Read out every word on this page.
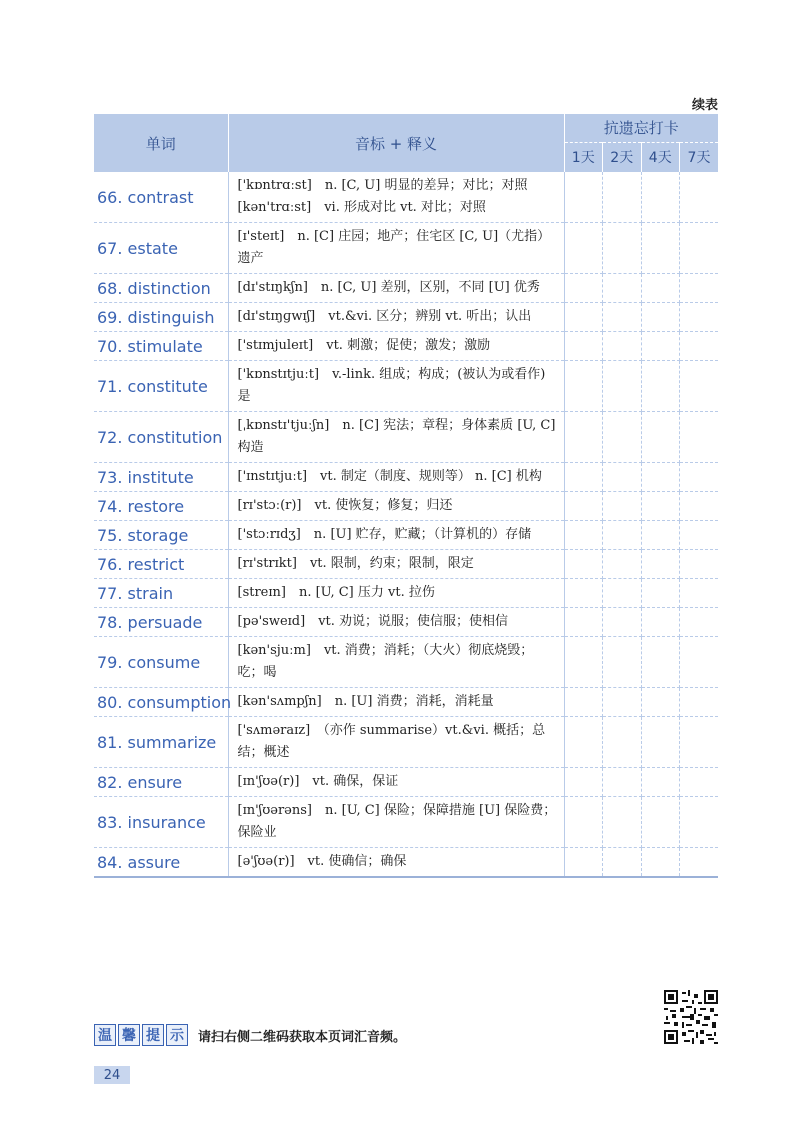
续表
单词	音标 + 释义	抗遗忘打卡			
		1天	2天	4天	7天
66. contrast	['kɒntrɑːst]　n. [C, U] 明显的差异；对比；对照 [kən'trɑːst]　vi. 形成对比 vt. 对比；对照				
67. estate	[ɪ'steɪt]　n. [C] 庄园；地产；住宅区 [C, U]（尤指）遗产				
68. distinction	[dɪ'stɪŋkʃn]　n. [C, U] 差别，区别，不同 [U] 优秀				
69. distinguish	[dɪ'stɪŋɡwɪʃ]　vt.&vi. 区分；辨别 vt. 听出；认出				
70. stimulate	['stɪmjuleɪt]　vt. 刺激；促使；激发；激励				
71. constitute	['kɒnstɪtjuːt]　v.-link. 组成；构成；(被认为或看作) 是				
72. constitution	[ˌkɒnstɪ'tjuːʃn]　n. [C] 宪法；章程；身体素质 [U, C] 构造				
73. institute	['ɪnstɪtjuːt]　vt. 制定（制度、规则等） n. [C] 机构				
74. restore	[rɪ'stɔː(r)]　vt. 使恢复；修复；归还				
75. storage	['stɔːrɪdʒ]　n. [U] 贮存，贮藏；（计算机的）存储				
76. restrict	[rɪ'strɪkt]　vt. 限制，约束；限制，限定				
77. strain	[streɪn]　n. [U, C] 压力 vt. 拉伤				
78. persuade	[pə'sweɪd]　vt. 劝说；说服；使信服；使相信				
79. consume	[kən'sjuːm]　vt. 消费；消耗；（大火）彻底烧毁；吃；喝				
80. consumption	[kən'sʌmpʃn]　n. [U] 消费；消耗，消耗量				
81. summarize	['sʌməraɪz]　（亦作 summarise）vt.&vi. 概括；总结；概述				
82. ensure	[ɪn'ʃʊə(r)]　vt. 确保，保证				
83. insurance	[ɪn'ʃʊərəns]　n. [U, C] 保险；保障措施 [U] 保险费；保险业				
84. assure	[ə'ʃʊə(r)]　vt. 使确信；确保				
温 馨 提 示	请扫右侧二维码获取本页词汇音频。
24
